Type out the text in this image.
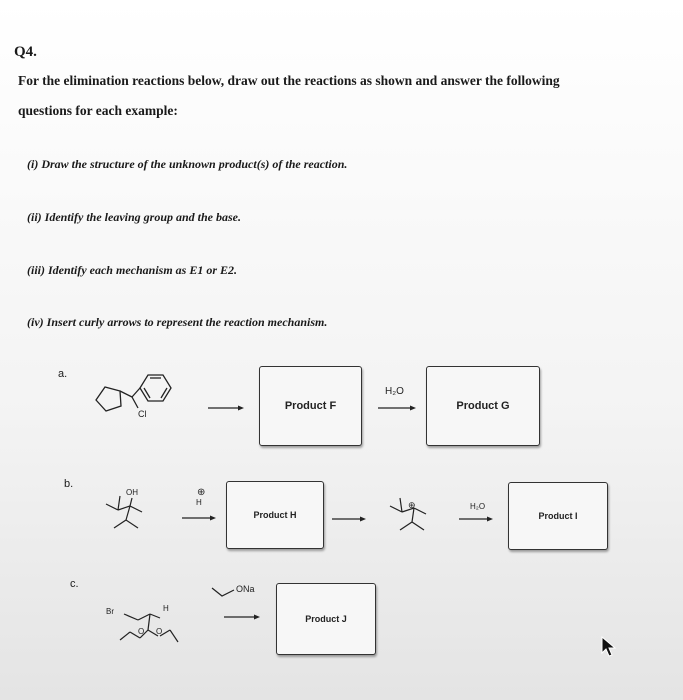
Q4.
For the elimination reactions below, draw out the reactions as shown and answer the following
questions for each example:
(i) Draw the structure of the unknown product(s) of the reaction.
(ii) Identify the leaving group and the base.
(iii) Identify each mechanism as E1 or E2.
(iv) Insert curly arrows to represent the reaction mechanism.
a.
Cl
Product F
H₂O
Product G
b.
OH	⊕
H
Product H
⊕	H₂O
Product I
c.	ONa
Br	H
O O
Product J
